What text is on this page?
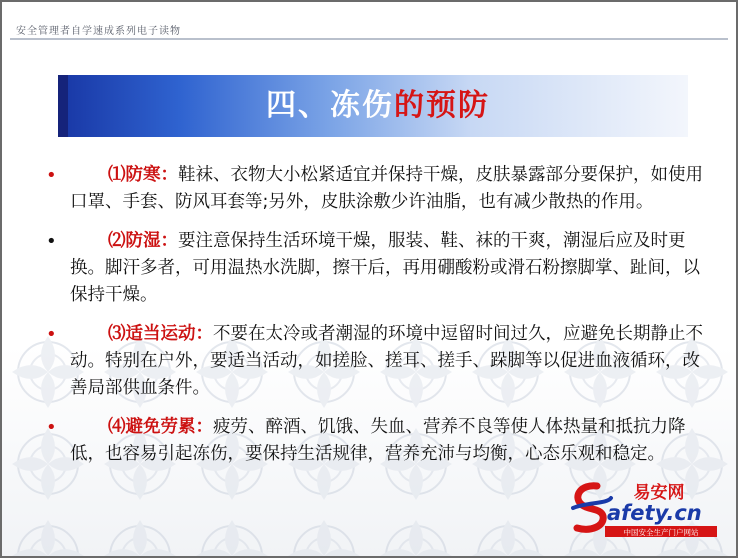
安全管理者自学速成系列电子读物
四、冻伤的预防
•	⑴防寒：鞋袜、衣物大小松紧适宜并保持干燥，皮肤暴露部分要保护，如使用口罩、手套、防风耳套等;另外，皮肤涂敷少许油脂，也有减少散热的作用。
•	⑵防湿：要注意保持生活环境干燥，服装、鞋、袜的干爽，潮湿后应及时更换。脚汗多者，可用温热水洗脚，擦干后，再用硼酸粉或滑石粉擦脚掌、趾间，以保持干燥。
•	⑶适当运动：不要在太冷或者潮湿的环境中逗留时间过久，应避免长期静止不动。特别在户外，要适当活动，如搓脸、搓耳、搓手、跺脚等以促进血液循环，改善局部供血条件。
•	⑷避免劳累：疲劳、醉酒、饥饿、失血、营养不良等使人体热量和抵抗力降低，也容易引起冻伤，要保持生活规律，营养充沛与均衡，心态乐观和稳定。
易安网
afety.cn
中国安全生产门户网站
